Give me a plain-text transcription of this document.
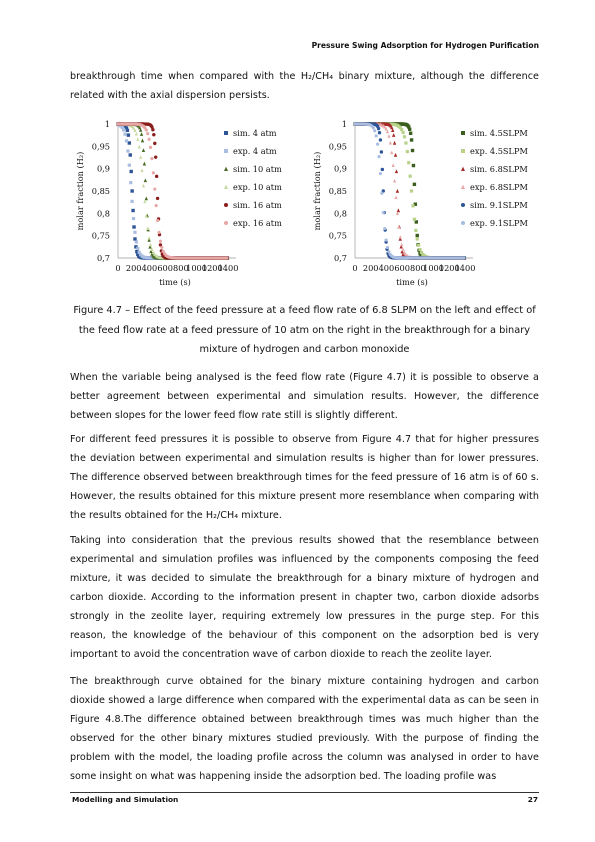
Pressure Swing Adsorption for Hydrogen Purification
breakthrough time when compared with the H₂/CH₄ binary mixture, although the difference related with the axial dispersion persists.
0,7
0,75
0,8
0,85
0,9
0,95
1
0 200 400 600 800
1000
1200
1400
time (s)
molar fraction (H₂)
sim. 4 atm
exp. 4 atm
sim. 10 atm
exp. 10 atm
sim. 16 atm
exp. 16 atm
0,7
0,75
0,8
0,85
0,9
0,95
1
0 200 400 600 800
1000
1200
1400
time (s)
molar fraction (H₂)
sim. 4.5SLPM
exp. 4.5SLPM
sim. 6.8SLPM
exp. 6.8SLPM
sim. 9.1SLPM
exp. 9.1SLPM
Figure 4.7 – Effect of the feed pressure at a feed flow rate of 6.8 SLPM on the left and effect of the feed flow rate at a feed pressure of 10 atm on the right in the breakthrough for a binary mixture of hydrogen and carbon monoxide
When the variable being analysed is the feed flow rate (Figure 4.7) it is possible to observe a better agreement between experimental and simulation results. However, the difference between slopes for the lower feed flow rate still is slightly different.
For different feed pressures it is possible to observe from Figure 4.7 that for higher pressures the deviation between experimental and simulation results is higher than for lower pressures. The difference observed between breakthrough times for the feed pressure of 16 atm is of 60 s. However, the results obtained for this mixture present more resemblance when comparing with the results obtained for the H₂/CH₄ mixture.
Taking into consideration that the previous results showed that the resemblance between experimental and simulation profiles was influenced by the components composing the feed mixture, it was decided to simulate the breakthrough for a binary mixture of hydrogen and carbon dioxide. According to the information present in chapter two, carbon dioxide adsorbs strongly in the zeolite layer, requiring extremely low pressures in the purge step. For this reason, the knowledge of the behaviour of this component on the adsorption bed is very important to avoid the concentration wave of carbon dioxide to reach the zeolite layer.
The breakthrough curve obtained for the binary mixture containing hydrogen and carbon dioxide showed a large difference when compared with the experimental data as can be seen in Figure 4.8.The difference obtained between breakthrough times was much higher than the observed for the other binary mixtures studied previously. With the purpose of finding the problem with the model, the loading profile across the column was analysed in order to have some insight on what was happening inside the adsorption bed. The loading profile was
Modelling and Simulation	27
